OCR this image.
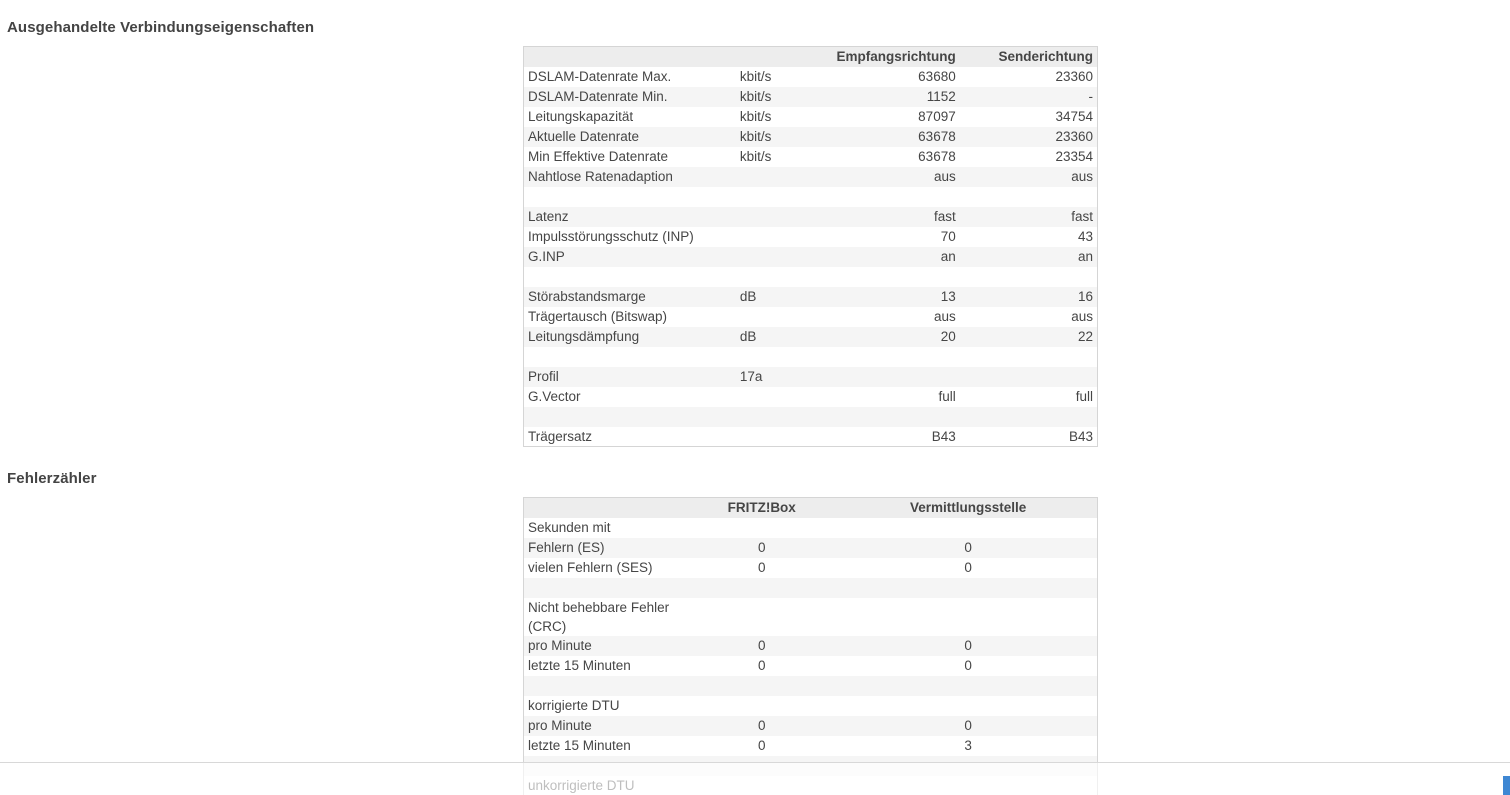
Ausgehandelte Verbindungseigenschaften
		Empfangsrichtung	Senderichtung
DSLAM-Datenrate Max.	kbit/s	63680	23360
DSLAM-Datenrate Min.	kbit/s	1152	-
Leitungskapazität	kbit/s	87097	34754
Aktuelle Datenrate	kbit/s	63678	23360
Min Effektive Datenrate	kbit/s	63678	23354
Nahtlose Ratenadaption		aus	aus

Latenz		fast	fast
Impulsstörungsschutz (INP)		70	43
G.INP		an	an

Störabstandsmarge	dB	13	16
Trägertausch (Bitswap)		aus	aus
Leitungsdämpfung	dB	20	22

Profil	17a		
G.Vector		full	full

Trägersatz		B43	B43
Fehlerzähler
	FRITZ!Box	Vermittlungsstelle
Sekunden mit		
Fehlern (ES)	0	0
vielen Fehlern (SES)	0	0

Nicht behebbare Fehler (CRC)		
pro Minute	0	0
letzte 15 Minuten	0	0

korrigierte DTU		
pro Minute	0	0
letzte 15 Minuten	0	3
